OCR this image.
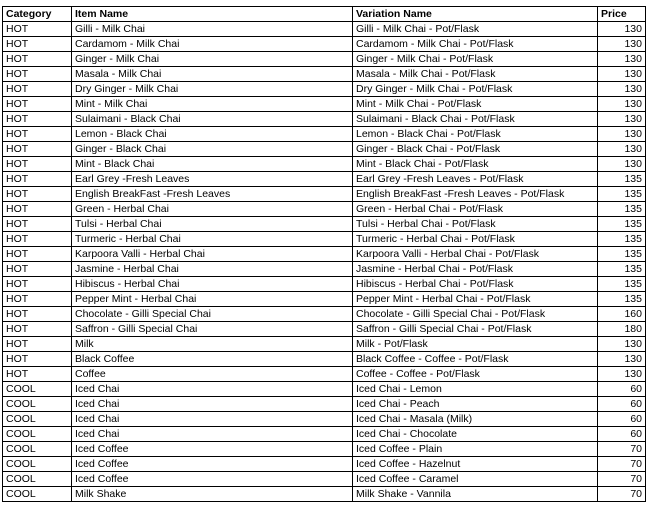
Category	Item Name	Variation Name	Price
HOT	Gilli - Milk Chai	Gilli - Milk Chai - Pot/Flask	130
HOT	Cardamom - Milk Chai	Cardamom - Milk Chai - Pot/Flask	130
HOT	Ginger - Milk Chai	Ginger - Milk Chai - Pot/Flask	130
HOT	Masala - Milk Chai	Masala - Milk Chai - Pot/Flask	130
HOT	Dry Ginger - Milk Chai	Dry Ginger - Milk Chai - Pot/Flask	130
HOT	Mint - Milk Chai	Mint - Milk Chai - Pot/Flask	130
HOT	Sulaimani - Black Chai	Sulaimani - Black Chai - Pot/Flask	130
HOT	Lemon - Black Chai	Lemon - Black Chai - Pot/Flask	130
HOT	Ginger - Black Chai	Ginger - Black Chai - Pot/Flask	130
HOT	Mint - Black Chai	Mint - Black Chai - Pot/Flask	130
HOT	Earl Grey -Fresh Leaves	Earl Grey -Fresh Leaves - Pot/Flask	135
HOT	English BreakFast -Fresh Leaves	English BreakFast -Fresh Leaves - Pot/Flask	135
HOT	Green - Herbal Chai	Green - Herbal Chai - Pot/Flask	135
HOT	Tulsi - Herbal Chai	Tulsi - Herbal Chai - Pot/Flask	135
HOT	Turmeric - Herbal Chai	Turmeric - Herbal Chai - Pot/Flask	135
HOT	Karpoora Valli - Herbal Chai	Karpoora Valli - Herbal Chai - Pot/Flask	135
HOT	Jasmine - Herbal Chai	Jasmine - Herbal Chai - Pot/Flask	135
HOT	Hibiscus - Herbal Chai	Hibiscus - Herbal Chai - Pot/Flask	135
HOT	Pepper Mint - Herbal Chai	Pepper Mint - Herbal Chai - Pot/Flask	135
HOT	Chocolate - Gilli Special Chai	Chocolate - Gilli Special Chai - Pot/Flask	160
HOT	Saffron - Gilli Special Chai	Saffron - Gilli Special Chai - Pot/Flask	180
HOT	Milk	Milk - Pot/Flask	130
HOT	Black Coffee	Black Coffee - Coffee - Pot/Flask	130
HOT	Coffee	Coffee - Coffee - Pot/Flask	130
COOL	Iced Chai	Iced Chai - Lemon	60
COOL	Iced Chai	Iced Chai - Peach	60
COOL	Iced Chai	Iced Chai - Masala (Milk)	60
COOL	Iced Chai	Iced Chai - Chocolate	60
COOL	Iced Coffee	Iced Coffee - Plain	70
COOL	Iced Coffee	Iced Coffee - Hazelnut	70
COOL	Iced Coffee	Iced Coffee - Caramel	70
COOL	Milk Shake	Milk Shake - Vannila	70
